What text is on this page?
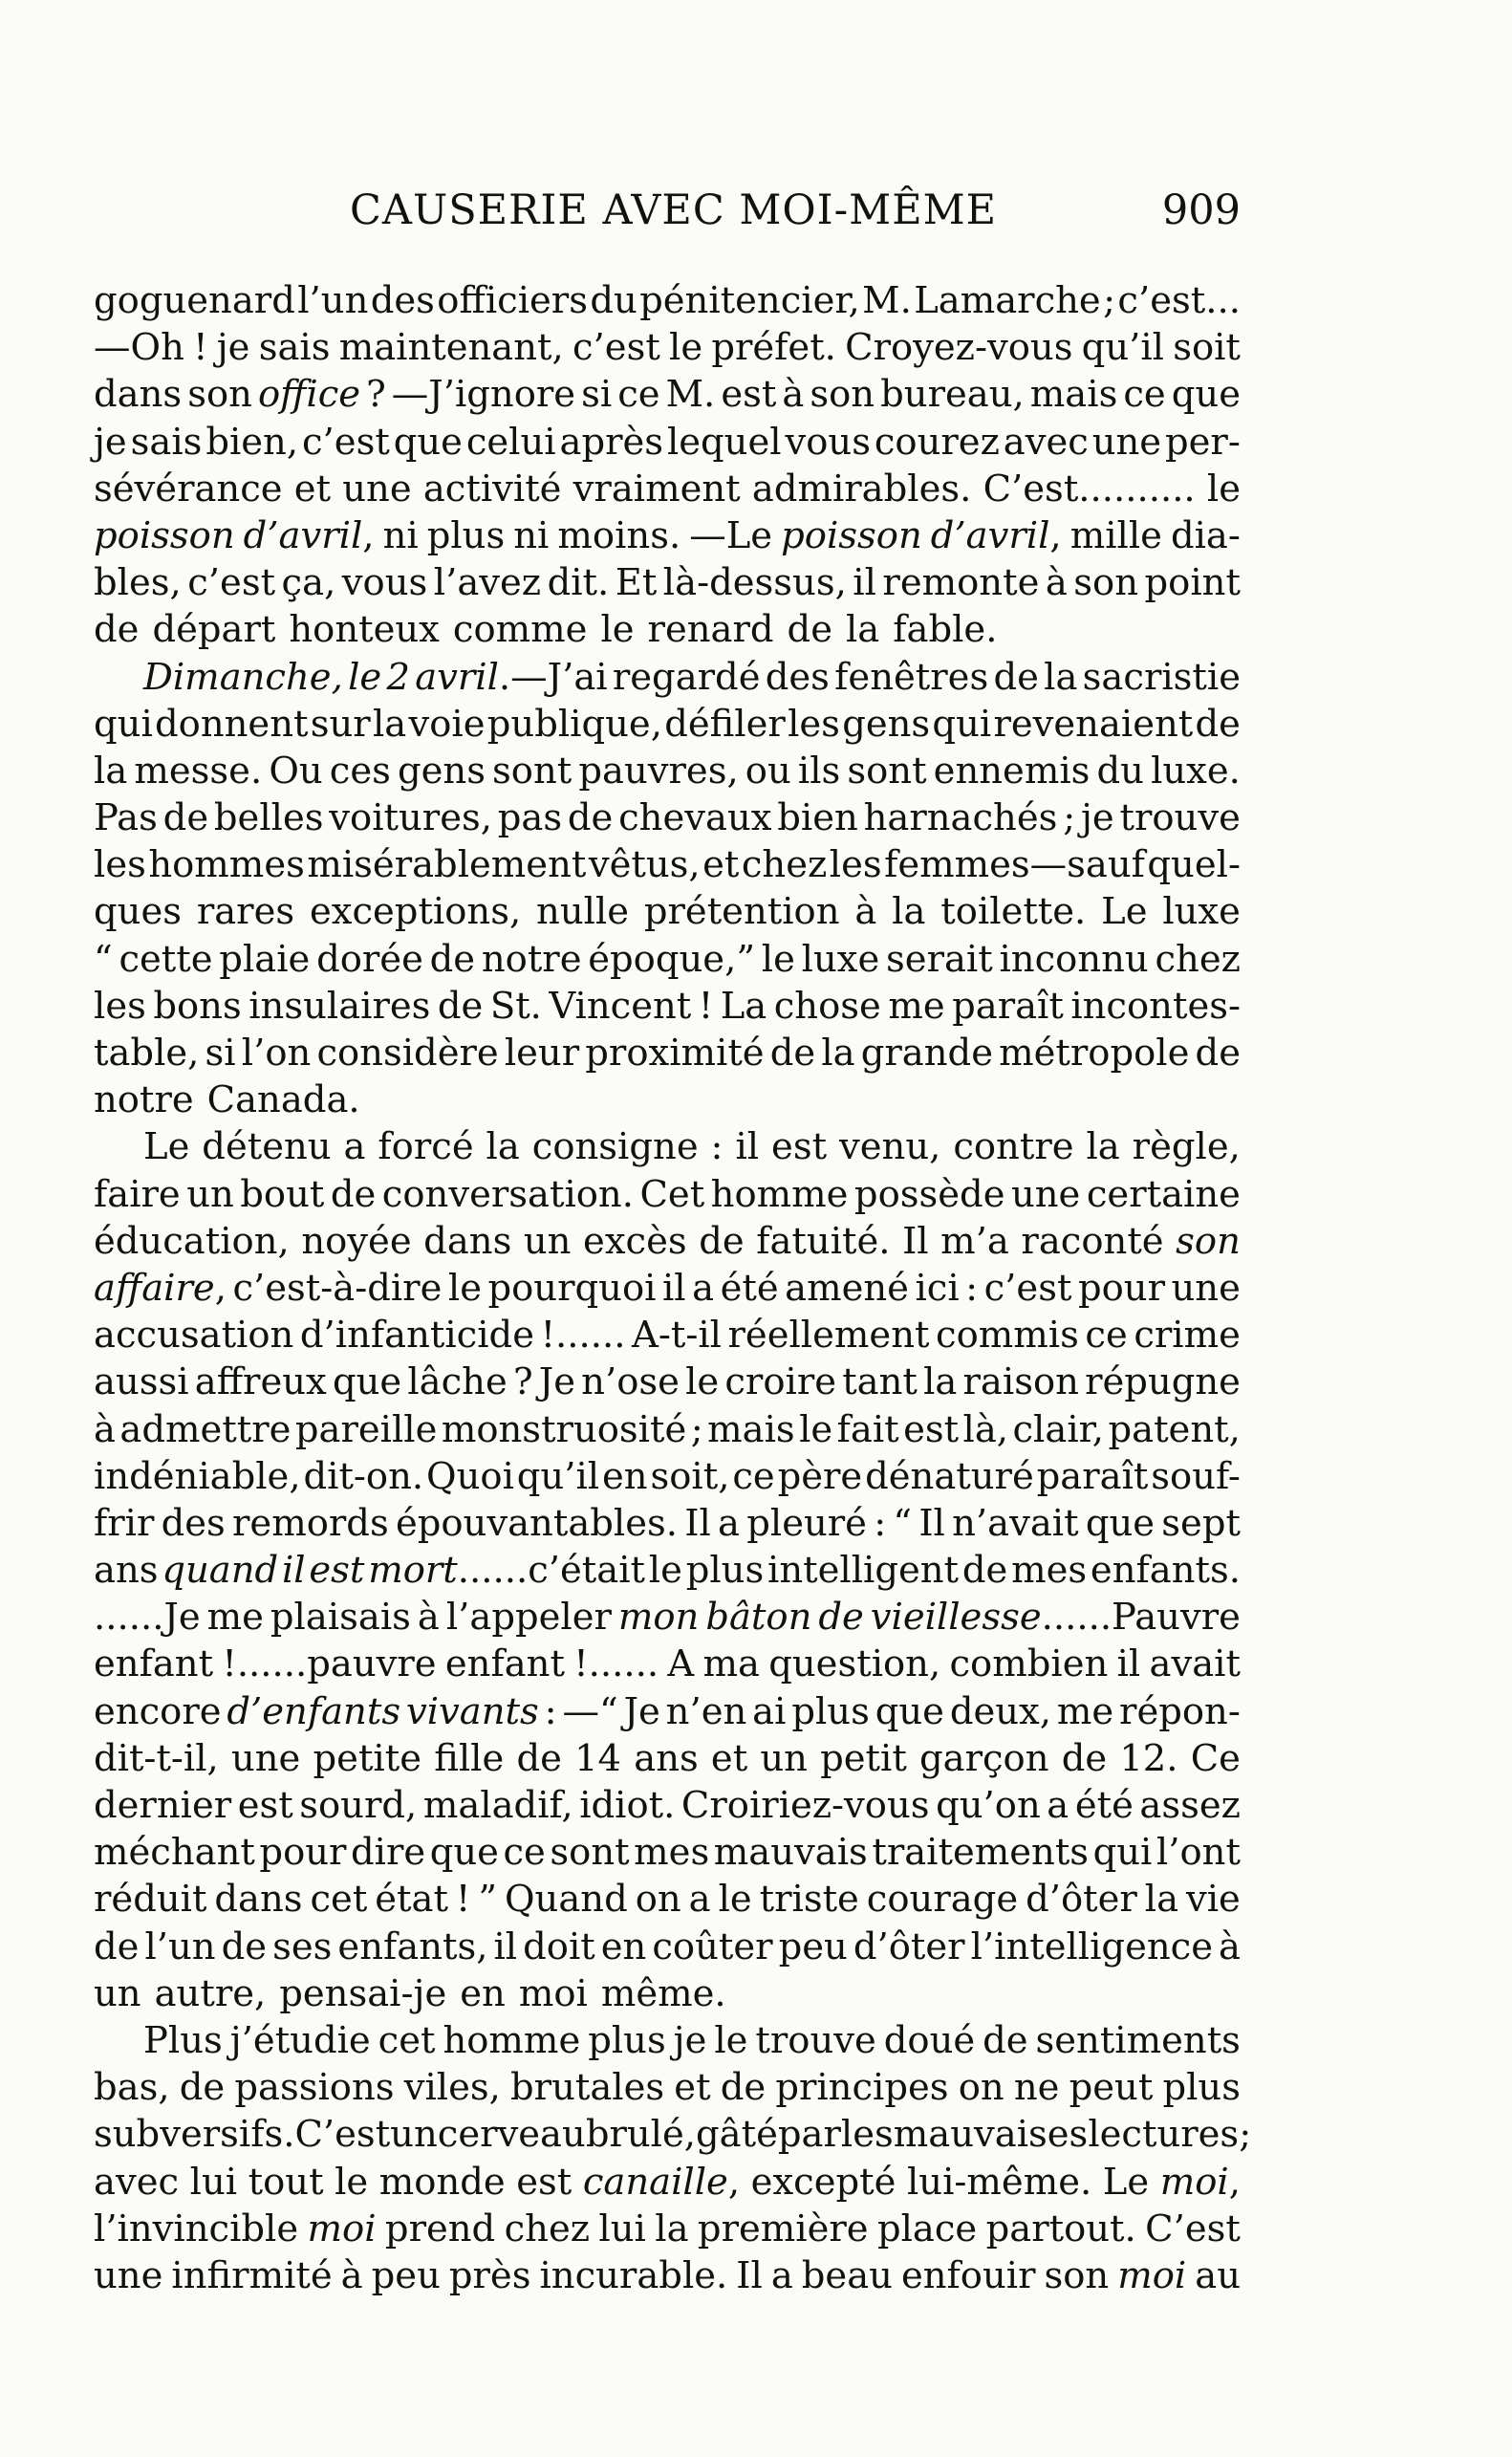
CAUSERIE AVEC MOI-MÊME	909
goguenard l’un des officiers du pénitencier, M. Lamarche ; c’est...
—Oh ! je sais maintenant, c’est le préfet. Croyez-vous qu’il soit
dans son office ? —J’ignore si ce M. est à son bureau, mais ce que
je sais bien, c’est que celui après lequel vous courez avec une per-
sévérance et une activité vraiment admirables. C’est.......... le
poisson d’avril, ni plus ni moins. —Le poisson d’avril, mille dia-
bles, c’est ça, vous l’avez dit. Et là-dessus, il remonte à son point
de départ honteux comme le renard de la fable.
Dimanche, le 2 avril.—J’ai regardé des fenêtres de la sacristie
qui donnent sur la voie publique, défiler les gens qui revenaient de
la messe. Ou ces gens sont pauvres, ou ils sont ennemis du luxe.
Pas de belles voitures, pas de chevaux bien harnachés ; je trouve
les hommes misérablement vêtus, et chez les femmes—sauf quel-
ques rares exceptions, nulle prétention à la toilette. Le luxe
“ cette plaie dorée de notre époque,” le luxe serait inconnu chez
les bons insulaires de St. Vincent ! La chose me paraît incontes-
table, si l’on considère leur proximité de la grande métropole de
notre Canada.
Le détenu a forcé la consigne : il est venu, contre la règle,
faire un bout de conversation. Cet homme possède une certaine
éducation, noyée dans un excès de fatuité. Il m’a raconté son
affaire, c’est-à-dire le pourquoi il a été amené ici : c’est pour une
accusation d’infanticide !...... A-t-il réellement commis ce crime
aussi affreux que lâche ? Je n’ose le croire tant la raison répugne
à admettre pareille monstruosité ; mais le fait est là, clair, patent,
indéniable, dit-on. Quoi qu’il en soit, ce père dénaturé paraît souf-
frir des remords épouvantables. Il a pleuré : “ Il n’avait que sept
ans quand il est mort......c’était le plus intelligent de mes enfants.
......Je me plaisais à l’appeler mon bâton de vieillesse......Pauvre
enfant !......pauvre enfant !...... A ma question, combien il avait
encore d’enfants vivants : —“ Je n’en ai plus que deux, me répon-
dit-t-il, une petite fille de 14 ans et un petit garçon de 12. Ce
dernier est sourd, maladif, idiot. Croiriez-vous qu’on a été assez
méchant pour dire que ce sont mes mauvais traitements qui l’ont
réduit dans cet état ! ” Quand on a le triste courage d’ôter la vie
de l’un de ses enfants, il doit en coûter peu d’ôter l’intelligence à
un autre, pensai-je en moi même.
Plus j’étudie cet homme plus je le trouve doué de sentiments
bas, de passions viles, brutales et de principes on ne peut plus
subversifs. C’est un cerveau brulé, gâté par les mauvaises lectures ;
avec lui tout le monde est canaille, excepté lui-même. Le moi,
l’invincible moi prend chez lui la première place partout. C’est
une infirmité à peu près incurable. Il a beau enfouir son moi au
